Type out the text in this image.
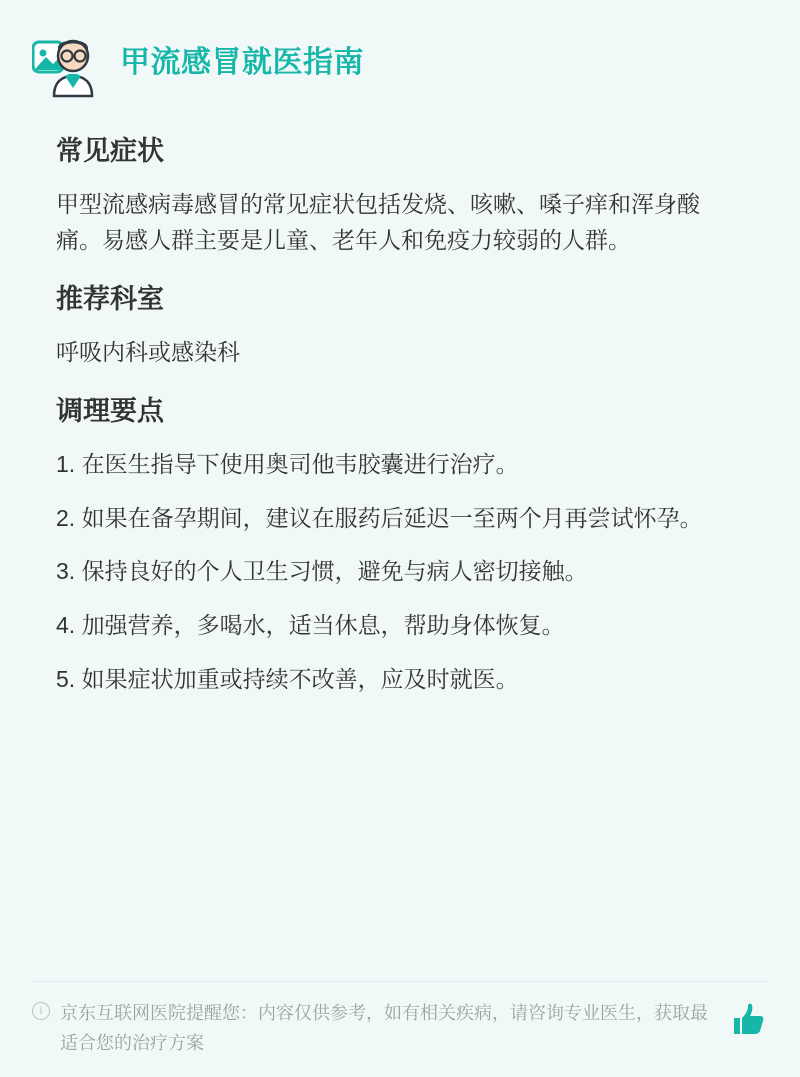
甲流感冒就医指南
常见症状

甲型流感病毒感冒的常见症状包括发烧、咳嗽、嗓子痒和浑身酸痛。易感人群主要是儿童、老年人和免疫力较弱的人群。

推荐科室

呼吸内科或感染科

调理要点
在医生指导下使用奥司他韦胶囊进行治疗。
如果在备孕期间，建议在服药后延迟一至两个月再尝试怀孕。
保持良好的个人卫生习惯，避免与病人密切接触。
加强营养，多喝水，适当休息，帮助身体恢复。
如果症状加重或持续不改善，应及时就医。
i 京东互联网医院提醒您：内容仅供参考，如有相关疾病，请咨询专业医生，获取最适合您的治疗方案
